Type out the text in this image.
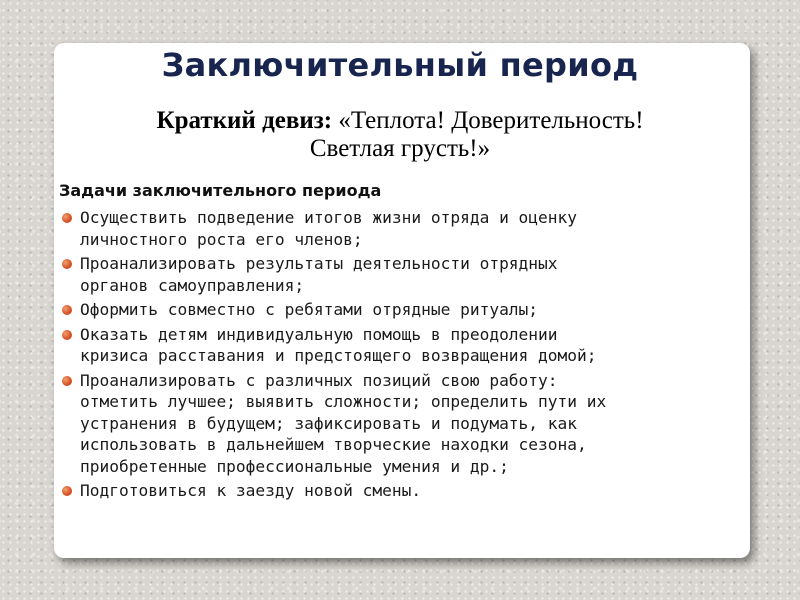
Заключительный период
Краткий девиз: «Теплота! Доверительность!
Светлая грусть!»
Задачи заключительного периода
Осуществить подведение итогов жизни отряда и оценку
личностного роста его членов;
Проанализировать результаты деятельности отрядных
органов самоуправления;
Оформить совместно с ребятами отрядные ритуалы;
Оказать детям индивидуальную помощь в преодолении
кризиса расставания и предстоящего возвращения домой;
Проанализировать с различных позиций свою работу:
отметить лучшее; выявить сложности; определить пути их
устранения в будущем; зафиксировать и подумать, как
использовать в дальнейшем творческие находки сезона,
приобретенные профессиональные умения и др.;
Подготовиться к заезду новой смены.
